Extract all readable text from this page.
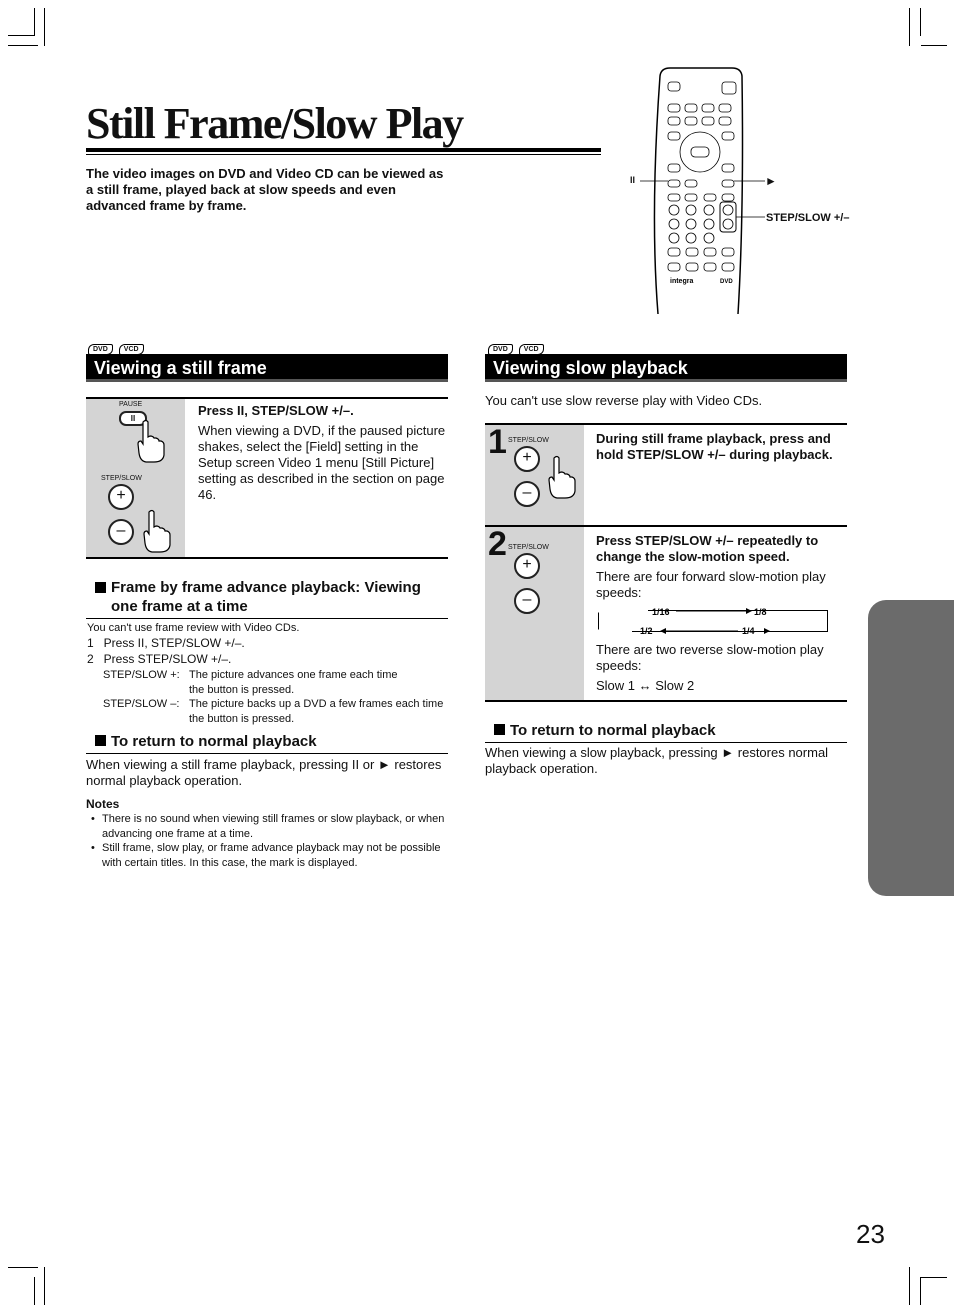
Still Frame/Slow Play
The video images on DVD and Video CD can be viewed as a still frame, played back at slow speeds and even advanced frame by frame.
integra	DVD
II	►
STEP/SLOW +/–
DVD VCD
Viewing a still frame
PAUSE
II
STEP/SLOW
+
–
Press II, STEP/SLOW +/–.
When viewing a DVD, if the paused picture shakes, select the [Field] setting in the Setup screen Video 1 menu [Still Picture] setting as described in the section on page 46.
Frame by frame advance playback: Viewing one frame at a time
You can't use frame review with Video CDs.
1   Press II, STEP/SLOW +/–.
2   Press STEP/SLOW +/–.
STEP/SLOW +: The picture advances one frame each time the button is pressed.
STEP/SLOW –: The picture backs up a DVD a few frames each time the button is pressed.
To return to normal playback
When viewing a still frame playback, pressing II or ► restores normal playback operation.
Notes
• There is no sound when viewing still frames or slow playback, or when advancing one frame at a time.
• Still frame, slow play, or frame advance playback may not be possible with certain titles. In this case, the mark is displayed.
DVD VCD
Viewing slow playback
You can't use slow reverse play with Video CDs.
1 STEP/SLOW
+
–
During still frame playback, press and hold STEP/SLOW +/– during playback.
2 STEP/SLOW
+
–
Press STEP/SLOW +/– repeatedly to change the slow-motion speed.
There are four forward slow-motion play speeds:
1/16	1/8
1/2	1/4
There are two reverse slow-motion play speeds:
Slow 1 ↔ Slow 2
To return to normal playback
When viewing a slow playback, pressing ► restores normal playback operation.
23
